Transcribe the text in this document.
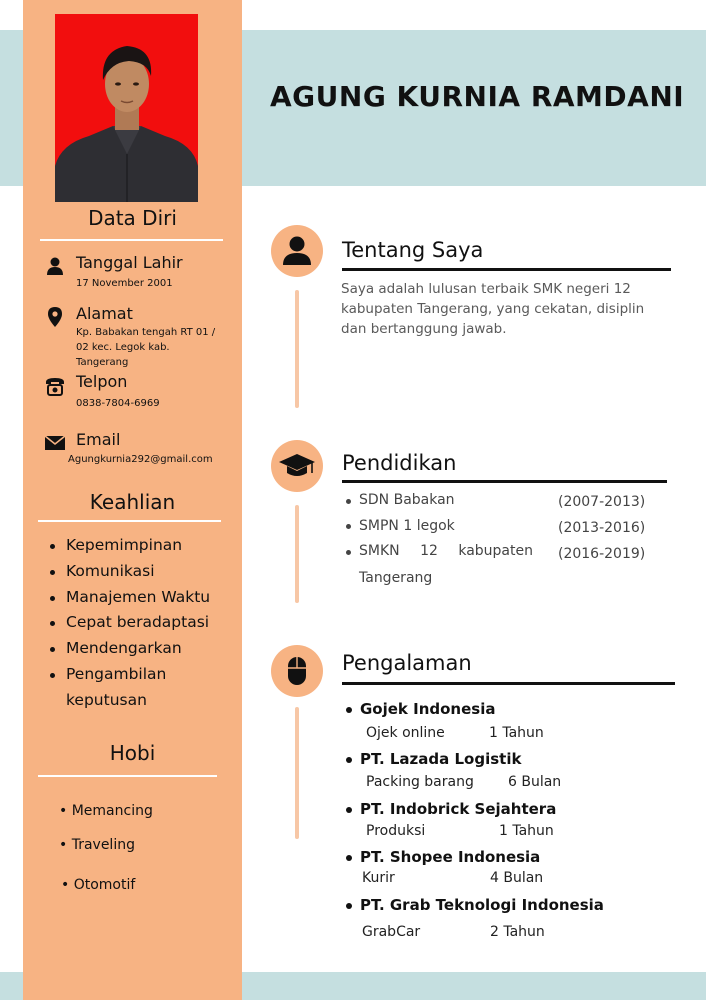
Data Diri
Tanggal Lahir
17 November 2001
Alamat
Kp. Babakan tengah RT 01 /
02 kec. Legok kab.
Tangerang
Telpon
0838-7804-6969
Email
Agungkurnia292@gmail.com
Keahlian
Kepemimpinan
Komunikasi
Manajemen Waktu
Cepat beradaptasi
Mendengarkan
Pengambilan keputusan
Hobi
• Memancing
• Traveling
• Otomotif
AGUNG KURNIA RAMDANI
Tentang Saya

Saya adalah lulusan terbaik SMK negeri 12 kabupaten Tangerang, yang cekatan, disiplin dan bertanggung jawab.

Pendidikan
SDN Babakan	(2007-2013)
SMPN 1 legok	(2013-2016)
SMKN 12 kabupaten
Tangerang
(2016-2019)
Pengalaman
Gojek Indonesia
Ojek online	1 Tahun
PT. Lazada Logistik
Packing barang 6 Bulan
PT. Indobrick Sejahtera
Produksi	1 Tahun
PT. Shopee Indonesia
Kurir	4 Bulan
PT. Grab Teknologi Indonesia
GrabCar	2 Tahun
